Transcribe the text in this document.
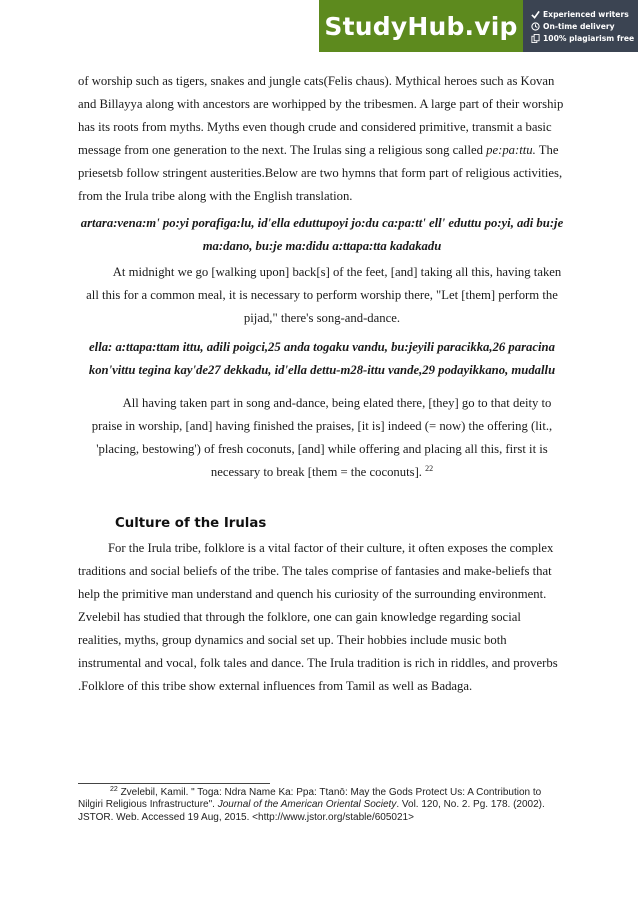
StudyHub.vip	Experienced writers
On-time delivery
100% plagiarism free

of worship such as tigers, snakes and jungle cats(Felis chaus). Mythical heroes such as Kovan and Billayya along with ancestors are worhipped by the tribesmen. A large part of their worship has its roots from myths. Myths even though crude and considered primitive, transmit a basic message from one generation to the next. The Irulas sing a religious song called pe:pa:ttu. The priesetsb follow stringent austerities.Below are two hymns that form part of religious activities, from the Irula tribe along with the English translation.

artara:vena:m' po:yi porafiga:lu, id'ella eduttupoyi jo:du ca:pa:tt' ell' eduttu po:yi, adi bu:je ma:dano, bu:je ma:didu a:ttapa:tta kadakadu

At midnight we go [walking upon] back[s] of the feet, [and] taking all this, having taken all this for a common meal, it is necessary to perform worship there, "Let [them] perform the pijad," there's song-and-dance.

ella: a:ttapa:ttam ittu, adili poigci,25 anda togaku vandu, bu:jeyili paracikka,26 paracina kon'vittu tegina kay'de27 dekkadu, id'ella dettu-m28-ittu vande,29 podayikkano, mudallu

All having taken part in song and-dance, being elated there, [they] go to that deity to praise in worship, [and] having finished the praises, [it is] indeed (= now) the offering (lit., 'placing, bestowing') of fresh coconuts, [and] while offering and placing all this, first it is necessary to break [them = the coconuts]. $^{22}$

Culture of the Irulas

For the Irula tribe, folklore is a vital factor of their culture, it often exposes the complex traditions and social beliefs of the tribe. The tales comprise of fantasies and make-beliefs that help the primitive man understand and quench his curiosity of the surrounding environment. Zvelebil has studied that through the folklore, one can gain knowledge regarding social realities, myths, group dynamics and social set up. Their hobbies include music both instrumental and vocal, folk tales and dance. The Irula tradition is rich in riddles, and proverbs .Folklore of this tribe show external influences from Tamil as well as Badaga.

$^{22}$ Zvelebil, Kamil. " Toga: Ndra Name Ka: Ppa: Ttanō: May the Gods Protect Us: A Contribution to Nilgiri Religious Infrastructure". Journal of the American Oriental Society. Vol. 120, No. 2. Pg. 178. (2002). JSTOR. Web. Accessed 19 Aug, 2015. <http://www.jstor.org/stable/605021>
